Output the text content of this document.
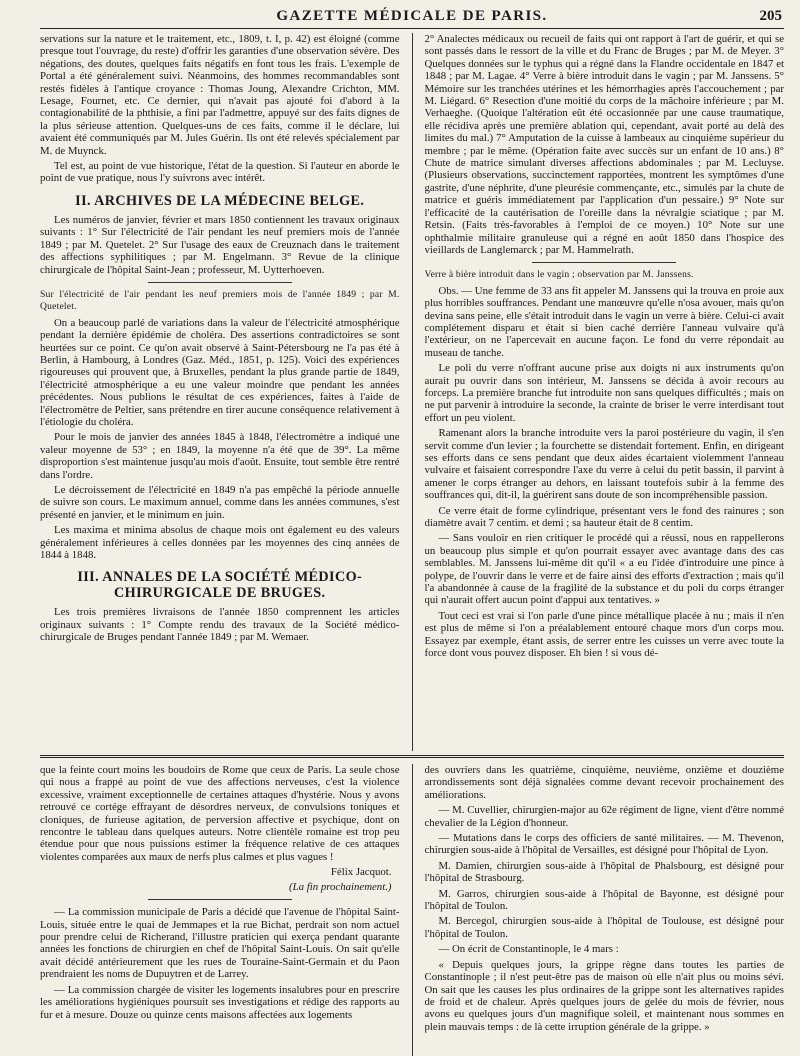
GAZETTE MÉDICALE DE PARIS.	205

servations sur la nature et le traitement, etc., 1809, t. I, p. 42) est éloigné (comme presque tout l'ouvrage, du reste) d'offrir les garanties d'une observation sévère. Des négations, des doutes, quelques faits négatifs en font tous les frais. L'exemple de Portal a été généralement suivi. Néanmoins, des hommes recommandables sont restés fidèles à l'antique croyance : Thomas Joung, Alexandre Crichton, MM. Lesage, Fournet, etc. Ce dernier, qui n'avait pas ajouté foi d'abord à la contagionabilité de la phthisie, a fini par l'admettre, appuyé sur des faits dignes de la plus sérieuse attention. Quelques-uns de ces faits, comme il le déclare, lui avaient été communiqués par M. Jules Guérin. Ils ont été relevés spécialement par M. de Muynck.

Tel est, au point de vue historique, l'état de la question. Si l'auteur en aborde le point de vue pratique, nous l'y suivrons avec intérêt.

II. ARCHIVES DE LA MÉDECINE BELGE.

Les numéros de janvier, février et mars 1850 contiennent les travaux originaux suivants : 1° Sur l'électricité de l'air pendant les neuf premiers mois de l'année 1849 ; par M. Quetelet. 2° Sur l'usage des eaux de Creuznach dans le traitement des affections syphilitiques ; par M. Engelmann. 3° Revue de la clinique chirurgicale de l'hôpital Saint-Jean ; professeur, M. Uytterhoeven.

Sur l'électricité de l'air pendant les neuf premiers mois de l'année 1849 ; par M. Quetelet.

On a beaucoup parlé de variations dans la valeur de l'électricité atmosphérique pendant la dernière épidémie de choléra. Des assertions contradictoires se sont heurtées sur ce point. Ce qu'on avait observé à Saint-Pétersbourg ne l'a pas été à Berlin, à Hambourg, à Londres (Gaz. Méd., 1851, p. 125). Voici des expériences rigoureuses qui prouvent que, à Bruxelles, pendant la plus grande partie de 1849, l'électricité atmosphérique a eu une valeur moindre que pendant les années précédentes. Nous publions le résultat de ces expériences, faites à l'aide de l'électromètre de Peltier, sans prétendre en tirer aucune conséquence relativement à l'étiologie du choléra.

Pour le mois de janvier des années 1845 à 1848, l'électromètre a indiqué une valeur moyenne de 53° ; en 1849, la moyenne n'a été que de 39°. La même disproportion s'est maintenue jusqu'au mois d'août. Ensuite, tout semble être rentré dans l'ordre.

Le décroissement de l'électricité en 1849 n'a pas empêché la période annuelle de suivre son cours. Le maximum annuel, comme dans les années communes, s'est présenté en janvier, et le minimum en juin.

Les maxima et minima absolus de chaque mois ont également eu des valeurs généralement inférieures à celles données par les moyennes des cinq années de 1844 à 1848.

III. ANNALES DE LA SOCIÉTÉ MÉDICO-CHIRURGICALE DE BRUGES.

Les trois premières livraisons de l'année 1850 comprennent les articles originaux suivants : 1° Compte rendu des travaux de la Société médico-chirurgicale de Bruges pendant l'année 1849 ; par M. Wemaer.

2° Analectes médicaux ou recueil de faits qui ont rapport à l'art de guérir, et qui se sont passés dans le ressort de la ville et du Franc de Bruges ; par M. de Meyer. 3° Quelques données sur le typhus qui a régné dans la Flandre occidentale en 1847 et 1848 ; par M. Lagae. 4° Verre à bière introduit dans le vagin ; par M. Janssens. 5° Mémoire sur les tranchées utérines et les hémorrhagies après l'accouchement ; par M. Liégard. 6° Resection d'une moitié du corps de la mâchoire inférieure ; par M. Verhaeghe. (Quoique l'altération eût été occasionnée par une cause traumatique, elle récidiva après une première ablation qui, cependant, avait porté au delà des limites du mal.) 7° Amputation de la cuisse à lambeaux au cinquième supérieur du membre ; par le même. (Opération faite avec succès sur un enfant de 10 ans.) 8° Chute de matrice simulant diverses affections abdominales ; par M. Lecluyse. (Plusieurs observations, succinctement rapportées, montrent les symptômes d'une gastrite, d'une néphrite, d'une pleurésie commençante, etc., simulés par la chute de matrice et guéris immédiatement par l'application d'un pessaire.) 9° Note sur l'efficacité de la cautérisation de l'oreille dans la névralgie sciatique ; par M. Retsin. (Faits très-favorables à l'emploi de ce moyen.) 10° Note sur une ophthalmie militaire granuleuse qui a régné en août 1850 dans l'hospice des vieillards de Langlemarck ; par M. Hammelrath.

Verre à bière introduit dans le vagin ; observation par M. Janssens.

Obs. — Une femme de 33 ans fit appeler M. Janssens qui la trouva en proie aux plus horribles souffrances. Pendant une manœuvre qu'elle n'osa avouer, mais qu'on devina sans peine, elle s'était introduit dans le vagin un verre à bière. Celui-ci avait complétement disparu et était si bien caché derrière l'anneau vulvaire qu'à l'extérieur, on ne l'apercevait en aucune façon. Le fond du verre répondait au museau de tanche.

Le poli du verre n'offrant aucune prise aux doigts ni aux instruments qu'on aurait pu ouvrir dans son intérieur, M. Janssens se décida à avoir recours au forceps. La première branche fut introduite non sans quelques difficultés ; mais on ne put parvenir à introduire la seconde, la crainte de briser le verre interdisant tout effort un peu violent.

Ramenant alors la branche introduite vers la paroi postérieure du vagin, il s'en servit comme d'un levier ; la fourchette se distendait fortement. Enfin, en dirigeant ses efforts dans ce sens pendant que deux aides écartaient violemment l'anneau vulvaire et faisaient correspondre l'axe du verre à celui du petit bassin, il parvint à amener le corps étranger au dehors, en laissant toutefois subir à la femme des souffrances qui, dit-il, la guérirent sans doute de son incompréhensible passion.

Ce verre était de forme cylindrique, présentant vers le fond des rainures ; son diamètre avait 7 centim. et demi ; sa hauteur était de 8 centim.

— Sans vouloir en rien critiquer le procédé qui a réussi, nous en rappellerons un beaucoup plus simple et qu'on pourrait essayer avec avantage dans des cas semblables. M. Janssens lui-même dit qu'il « a eu l'idée d'introduire une pince à polype, de l'ouvrir dans le verre et de faire ainsi des efforts d'extraction ; mais qu'il l'a abandonnée à cause de la fragilité de la substance et du poli du corps étranger qui n'aurait offert aucun point d'appui aux tentatives. »

Tout ceci est vrai si l'on parle d'une pince métallique placée à nu ; mais il n'en est plus de même si l'on a préalablement entouré chaque mors d'un corps mou. Essayez par exemple, étant assis, de serrer entre les cuisses un verre avec toute la force dont vous pouvez disposer. Eh bien ! si vous dé-

que la feinte court moins les boudoirs de Rome que ceux de Paris. La seule chose qui nous a frappé au point de vue des affections nerveuses, c'est la violence excessive, vraiment exceptionnelle de certaines attaques d'hystérie. Nous y avons retrouvé ce cortége effrayant de désordres nerveux, de convulsions toniques et cloniques, de furieuse agitation, de perversion affective et psychique, dont on rencontre le tableau dans quelques auteurs. Notre clientèle romaine est trop peu étendue pour que nous puissions estimer la fréquence relative de ces attaques violentes comparées aux maux de nerfs plus calmes et plus vagues !

Félix Jacquot.
(La fin prochainement.)

— La commission municipale de Paris a décidé que l'avenue de l'hôpital Saint-Louis, située entre le quai de Jemmapes et la rue Bichat, perdrait son nom actuel pour prendre celui de Richerand, l'illustre praticien qui exerça pendant quarante années les fonctions de chirurgien en chef de l'hôpital Saint-Louis. On sait qu'elle avait décidé antérieurement que les rues de Touraine-Saint-Germain et du Paon prendraient les noms de Dupuytren et de Larrey.

— La commission chargée de visiter les logements insalubres pour en prescrire les améliorations hygiéniques poursuit ses investigations et rédige des rapports au fur et à mesure. Douze ou quinze cents maisons affectées aux logements

des ouvriers dans les quatrième, cinquième, neuvième, onzième et douzième arrondissements sont déjà signalées comme devant recevoir prochainement des améliorations.

— M. Cuvellier, chirurgien-major au 62e régiment de ligne, vient d'être nommé chevalier de la Légion d'honneur.

— Mutations dans le corps des officiers de santé militaires. — M. Thevenon, chirurgien sous-aide à l'hôpital de Versailles, est désigné pour l'hôpital de Lyon.

M. Damien, chirurgien sous-aide à l'hôpital de Phalsbourg, est désigné pour l'hôpital de Strasbourg.

M. Garros, chirurgien sous-aide à l'hôpital de Bayonne, est désigné pour l'hôpital de Toulon.

M. Bercegol, chirurgien sous-aide à l'hôpital de Toulouse, est désigné pour l'hôpital de Toulon.

— On écrit de Constantinople, le 4 mars :

« Depuis quelques jours, la grippe règne dans toutes les parties de Constantinople ; il n'est peut-être pas de maison où elle n'ait plus ou moins sévi. On sait que les causes les plus ordinaires de la grippe sont les alternatives rapides de froid et de chaleur. Après quelques jours de gelée du mois de février, nous avons eu quelques jours d'un magnifique soleil, et maintenant nous sommes en plein mauvais temps : de là cette irruption générale de la grippe. »
